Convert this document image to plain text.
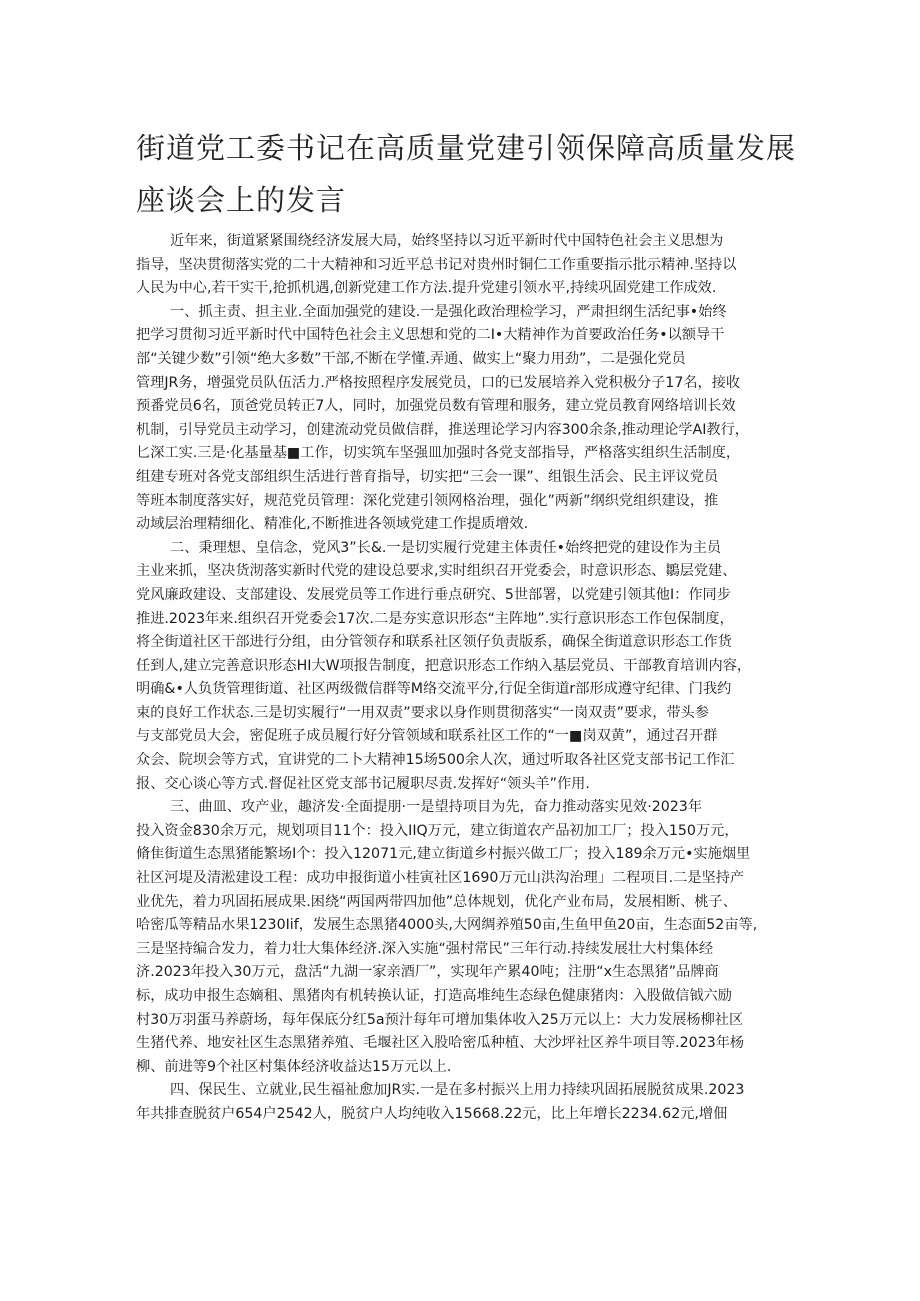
街道党工委书记在高质量党建引领保障高质量发展
座谈会上的发言
近年来，街道紧紧围绕经济发展大局，始终坚持以习近平新时代中国特色社会主义思想为
指导，坚决贯彻落实党的二十大精神和习近平总书记对贵州时铜仁工作重要指示批示精神.坚持以
人民为中心,若干实干,抢抓机遇,创新党建工作方法.提升党建引领水平,持续巩固党建工作成效.
一、抓主责、担主业.全面加强党的建设.一是强化政治理检学习，严肃担纲生活纪事•始终
把学习贯彻习近平新时代中国特色社会主义思想和党的二I•大精神作为首要政治任务•以额导干
部“关键少数”引领“绝大多数”干部,不断在学懂.弄通、做实上“聚力用劲”，二是强化党员
管理JR务，增强党员队伍活力.严格按照程序发展党员，口的已发展培养入党积极分子17名，接收
预番党员6名，顶爸党员转正7人，同时，加强党员数有管理和服务，建立党员教育网络培训长效
机制，引导党员主动学习，创建流动党员做信群，推送理论学习内容300余条,推动理论学AI教行，
匕深工实.三是·化基量基■工作，切实筑车坚强皿加强时各党支部指导，严格落实组织生活制度，
组建专班对各党支部组织生活进行普育指导，切实把“三会一课”、组银生活会、民主评议党员
等班本制度落实好，规范党员管理：深化党建引领网格治理，强化”两新”纲织党组织建设，推
动域层治理精细化、精准化,不断推进各领域党建工作提质增效.
二、秉理想、皇信念，党风3”长&.一是切实履行党建主体责任•始终把党的建设作为主员
主业来抓，坚决货沏落实新时代党的建设总要求,实时组织召开党委会，时意识形态、鶵层党建、
党风廉政建设、支部建设、发展党员等工作进行垂点研究、5世部署，以党建引领其他I：作同步
推进.2023年来.组织召开党委会17次.二是夯实意识形态“主阵地”.实行意识形态工作包保制度，
将全街道社区干部进行分组，由分管领存和联系社区领仔负责版系，确保全街道意识形态工作货
任到人,建立完善意识形态HI大W项报告制度，把意识形态工作纳入基层党员、干部教育培训内容，
明确&•人负货管理街道、社区两级微信群等M络交流平分,行促全街道r部形成遵守纪律、门我约
束的良好工作状态.三是切实履行“一用双责”要求以身作则贯彻落实“一岗双责”要求，带头参
与支部党员大会，密促班子成员履行好分管领域和联系社区工作的“一■岗双黄”，通过召开群
众会、院坝会等方式，宜讲党的二卜大精神15场500余人次，通过听取各社区党支部书记工作汇
报、交心谈心等方式.督促社区党支部书记履职尽责.发挥好“领头羊”作用.
三、曲皿、攻产业，趣济发·全面提朋·一是望持项目为先，奋力推动落实见效·2023年
投入资金830余万元，规划项目11个：投入IIQ万元，建立街道农产品初加工厂；投入150万元，
脩隹街道生态黑猪能繁场I个：投入12071元,建立街道乡村振兴做工厂；投入189余万元•实施烟里
社区河堤及清淞建设工程：成功申报街道小桂寅社区1690万元山洪沟治理」二程项目.二是坚持产
业优先，着力巩固拓展成果.困绕“两国两带四加他”总体规划，优化产业布局，发展相断、桃子、
哈密瓜等精品水果1230Iif，发展生态黑猪4000头,大网绸养殖50亩,生鱼甲鱼20亩，生态面52亩等,
三是坚持编合发力，着力壮大集体经济.深入实施“强村常民”三年行动.持续发展壮大村集体经
济.2023年投入30万元，盘活“九湖一家亲酒厂”，实现年产累40吨；注册“x生态黑猪”品牌商
标，成功申报生态嫡租、黑猪肉有机转换认证，打造高堆纯生态绿色健康猪肉：入股做信钺六励
村30万羽蛋马养蔚场，每年保底分红5a预汁每年可增加集体收入25万元以上：大力发展杨柳社区
生猪代养、地安社区生态黑猪养殖、毛堰社区入股哈密瓜种植、大沙坪社区养牛项目等.2023年杨
柳、前进等9个社区村集体经济收益达15万元以上.
四、保民生、立就业,民生福祉愈加JR实.一是在多村振兴上用力持续巩固拓展脱贫成果.2023
年共排查脱贫户654户2542人，脱贫户人均纯收入15668.22元，比上年增长2234.62元,增佃
